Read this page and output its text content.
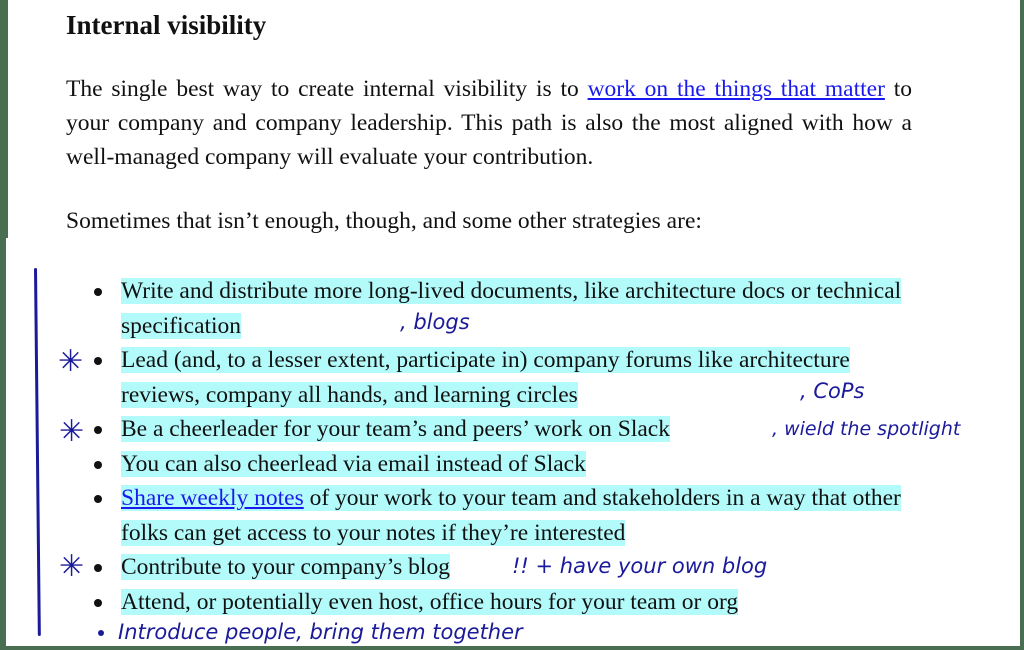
Internal visibility

The single best way to create internal visibility is to work on the things that matter to your company and company leadership. This path is also the most aligned with how a well-managed company will evaluate your contribution.

Sometimes that isn’t enough, though, and some other strategies are:

Write and distribute more long-lived documents, like architecture docs or technical specification
Lead (and, to a lesser extent, participate in) company forums like architecture reviews, company all hands, and learning circles
Be a cheerleader for your team’s and peers’ work on Slack
You can also cheerlead via email instead of Slack
Share weekly notes of your work to your team and stakeholders in a way that other folks can get access to your notes if they’re interested
Contribute to your company’s blog
Attend, or potentially even host, office hours for your team or org
, blogs
✳
, CoPs
✳	, wield the spotlight
✳	!! + have your own blog
Introduce people, bring them together
